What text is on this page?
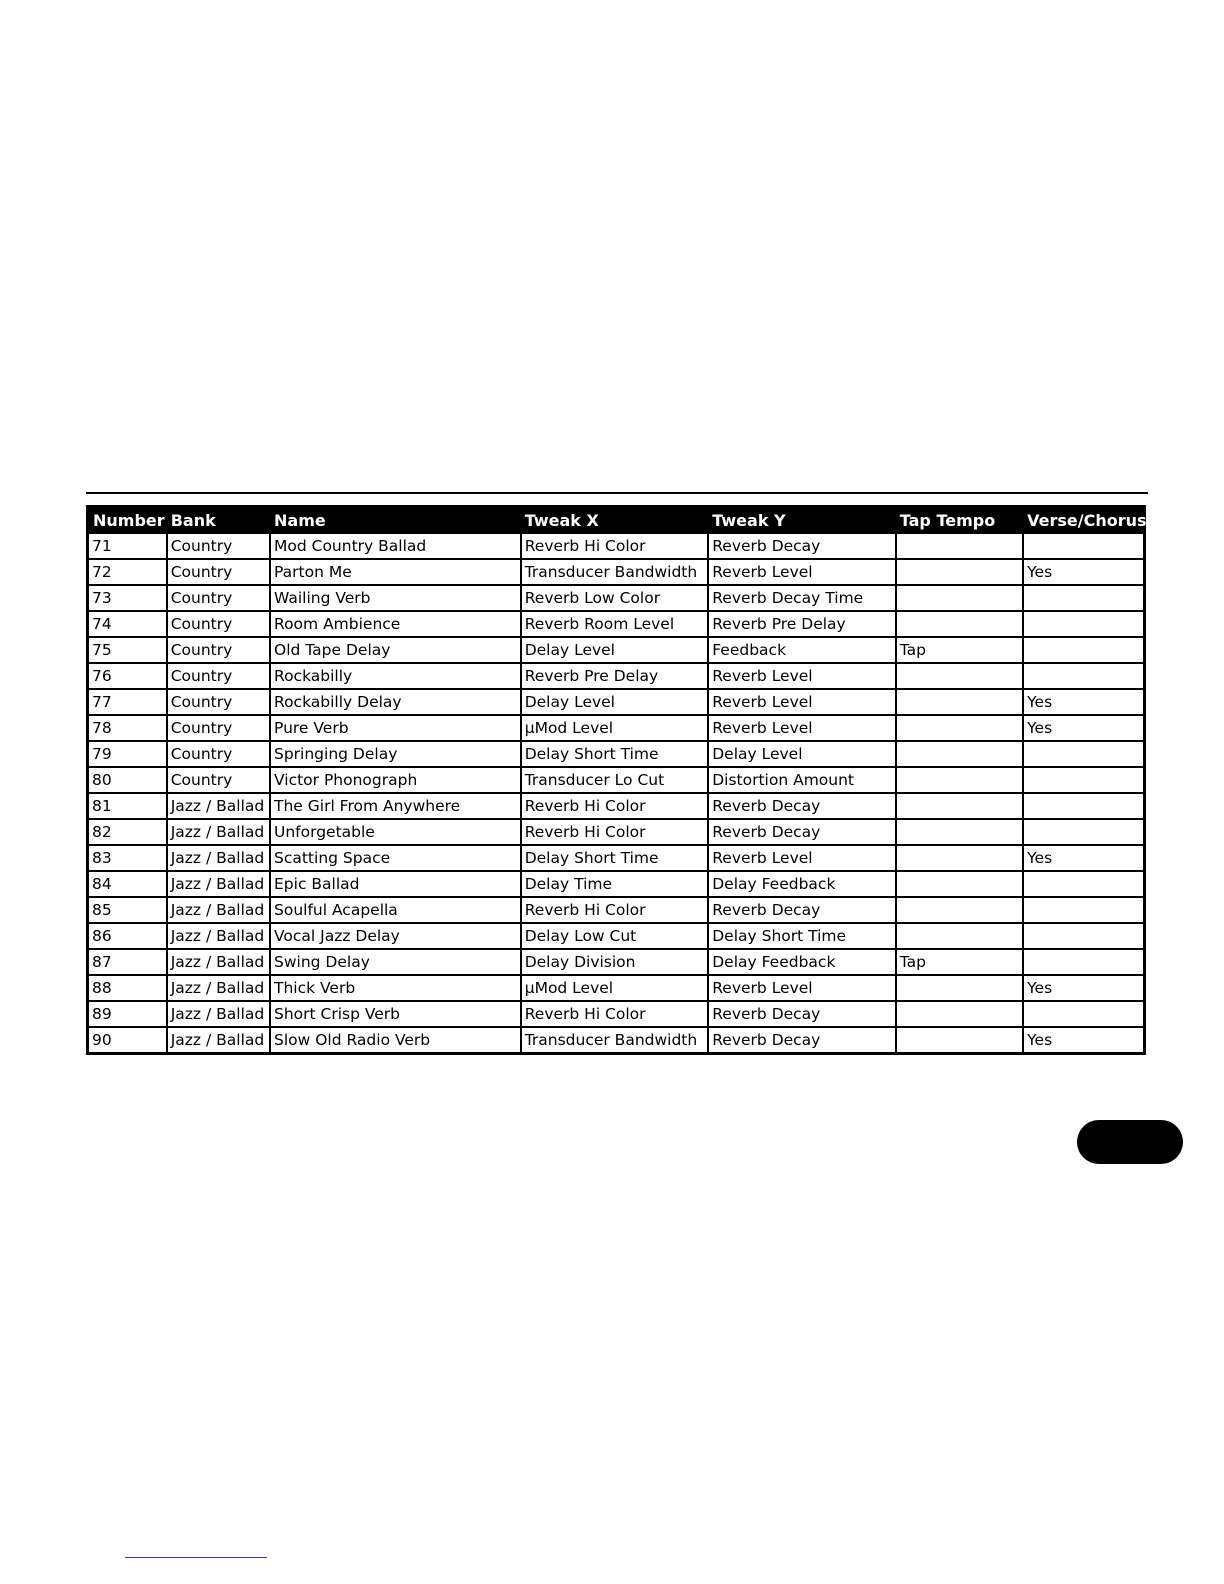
Number	Bank	Name	Tweak X	Tweak Y	Tap Tempo	Verse/Chorus
71	Country	Mod Country Ballad	Reverb Hi Color	Reverb Decay		
72	Country	Parton Me	Transducer Bandwidth	Reverb Level		Yes
73	Country	Wailing Verb	Reverb Low Color	Reverb Decay Time		
74	Country	Room Ambience	Reverb Room Level	Reverb Pre Delay		
75	Country	Old Tape Delay	Delay Level	Feedback	Tap	
76	Country	Rockabilly	Reverb Pre Delay	Reverb Level		
77	Country	Rockabilly Delay	Delay Level	Reverb Level		Yes
78	Country	Pure Verb	µMod Level	Reverb Level		Yes
79	Country	Springing Delay	Delay Short Time	Delay Level		
80	Country	Victor Phonograph	Transducer Lo Cut	Distortion Amount		
81	Jazz / Ballad	The Girl From Anywhere	Reverb Hi Color	Reverb Decay		
82	Jazz / Ballad	Unforgetable	Reverb Hi Color	Reverb Decay		
83	Jazz / Ballad	Scatting Space	Delay Short Time	Reverb Level		Yes
84	Jazz / Ballad	Epic Ballad	Delay Time	Delay Feedback		
85	Jazz / Ballad	Soulful Acapella	Reverb Hi Color	Reverb Decay		
86	Jazz / Ballad	Vocal Jazz Delay	Delay Low Cut	Delay Short Time		
87	Jazz / Ballad	Swing Delay	Delay Division	Delay Feedback	Tap	
88	Jazz / Ballad	Thick Verb	µMod Level	Reverb Level		Yes
89	Jazz / Ballad	Short Crisp Verb	Reverb Hi Color	Reverb Decay		
90	Jazz / Ballad	Slow Old Radio Verb	Transducer Bandwidth	Reverb Decay		Yes
